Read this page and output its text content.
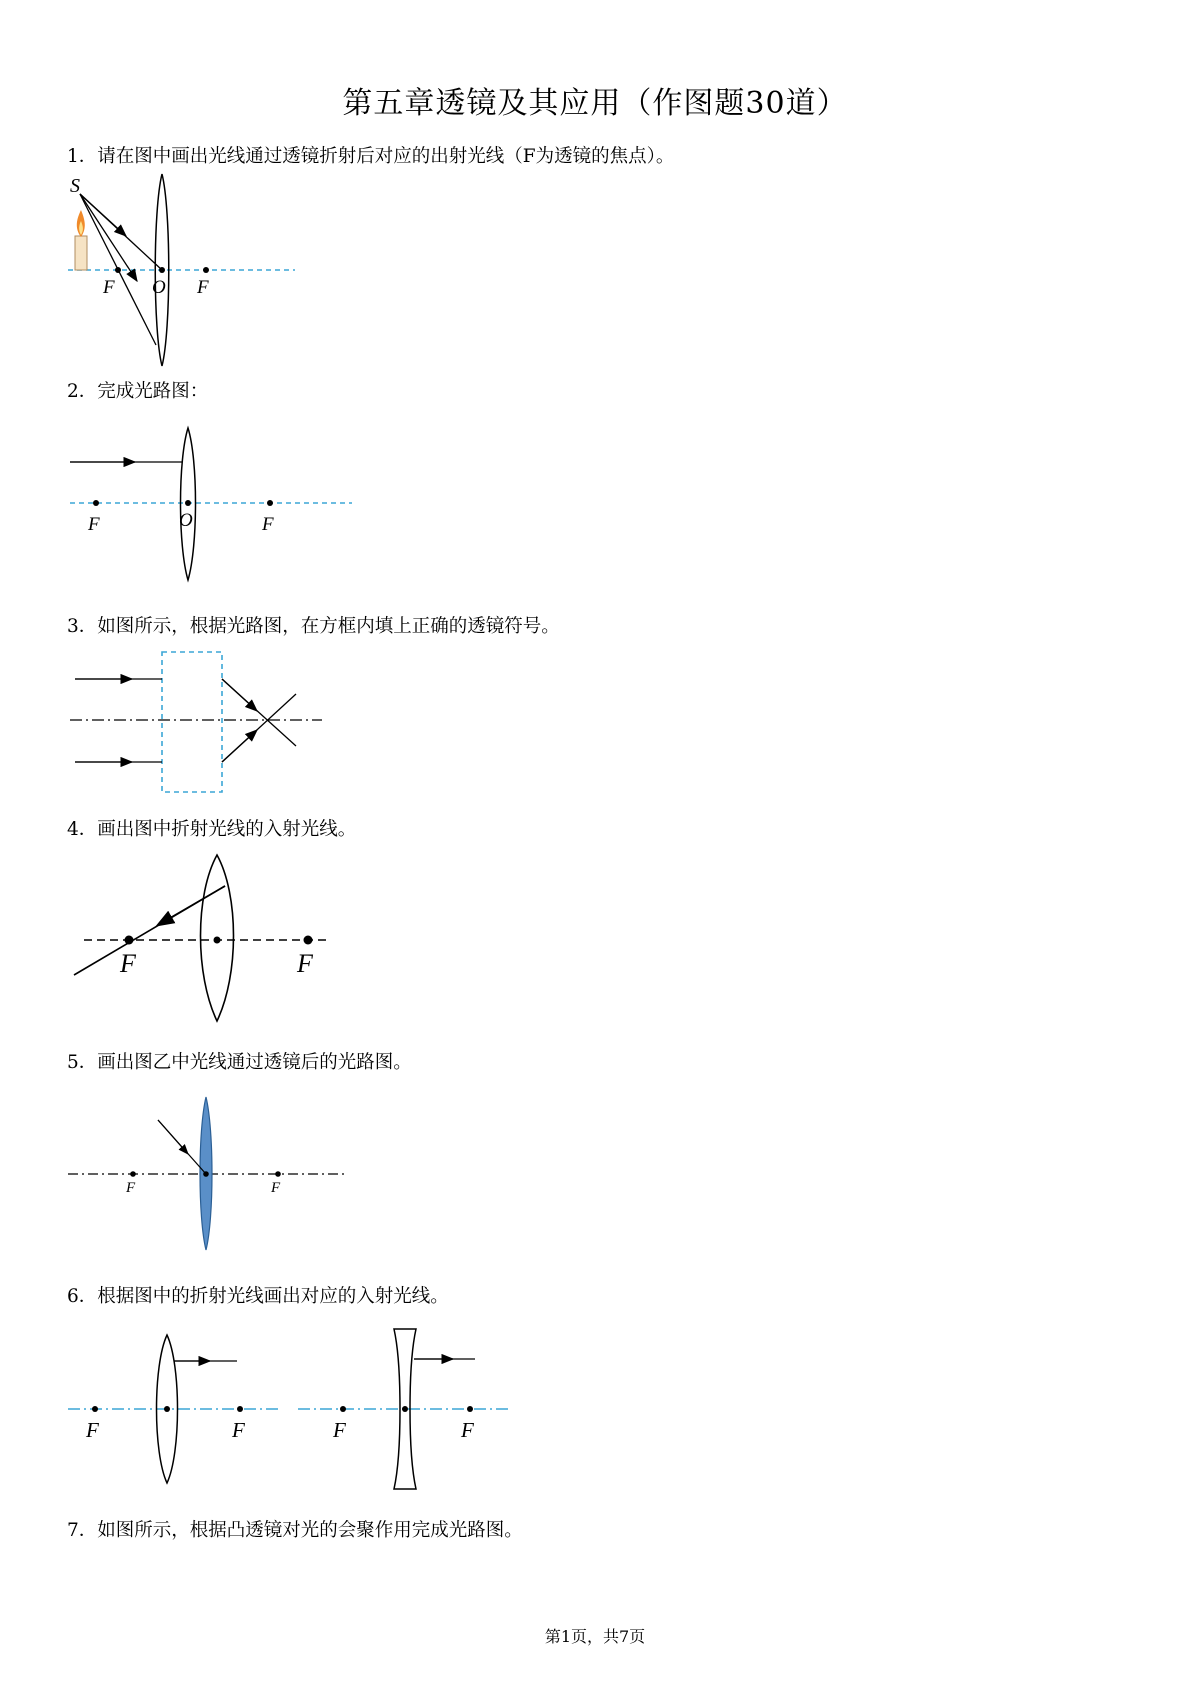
第五章透镜及其应用（作图题30道）
1．请在图中画出光线通过透镜折射后对应的出射光线（F为透镜的焦点）。
S
F O F
2．完成光路图：
F	O	F
3．如图所示，根据光路图，在方框内填上正确的透镜符号。
4．画出图中折射光线的入射光线。
F	F
5．画出图乙中光线通过透镜后的光路图。
F	F
6．根据图中的折射光线画出对应的入射光线。
F	F	F	F
7．如图所示，根据凸透镜对光的会聚作用完成光路图。
第1页，共7页
